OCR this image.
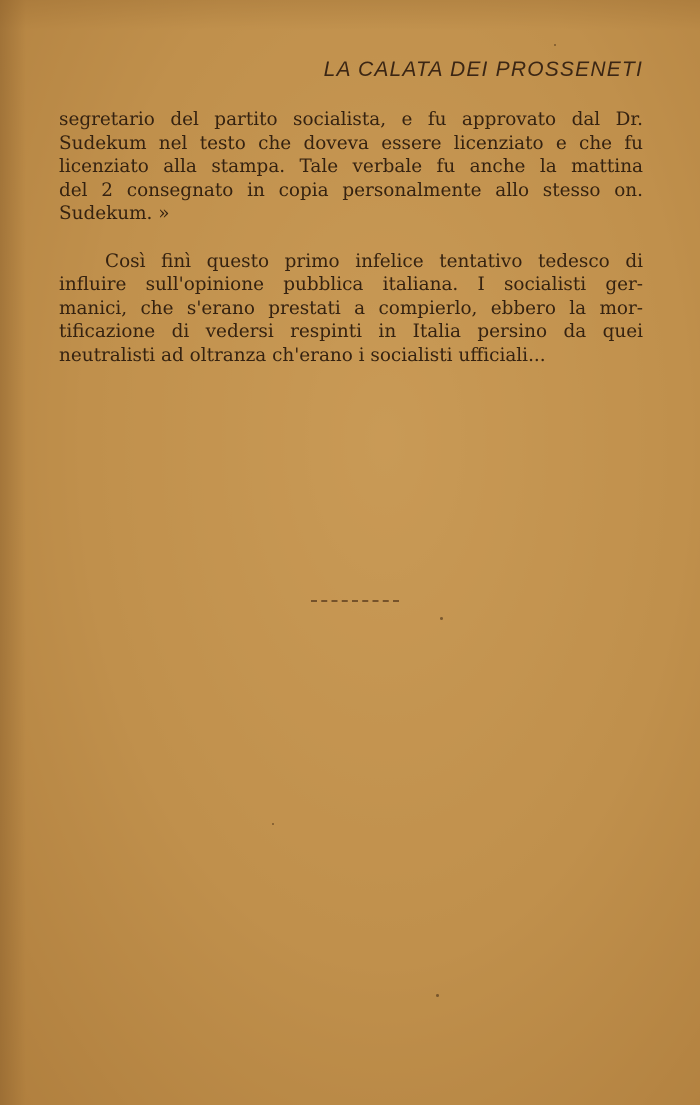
LA CALATA DEI PROSSENETI
segretario del partito socialista, e fu approvato dal Dr.
Sudekum nel testo che doveva essere licenziato e che fu
licenziato alla stampa. Tale verbale fu anche la mattina
del 2 consegnato in copia personalmente allo stesso on.
Sudekum. »
Così finì questo primo infelice tentativo tedesco di
influire sull'opinione pubblica italiana. I socialisti ger-
manici, che s'erano prestati a compierlo, ebbero la mor-
tificazione di vedersi respinti in Italia persino da quei
neutralisti ad oltranza ch'erano i socialisti ufficiali...
